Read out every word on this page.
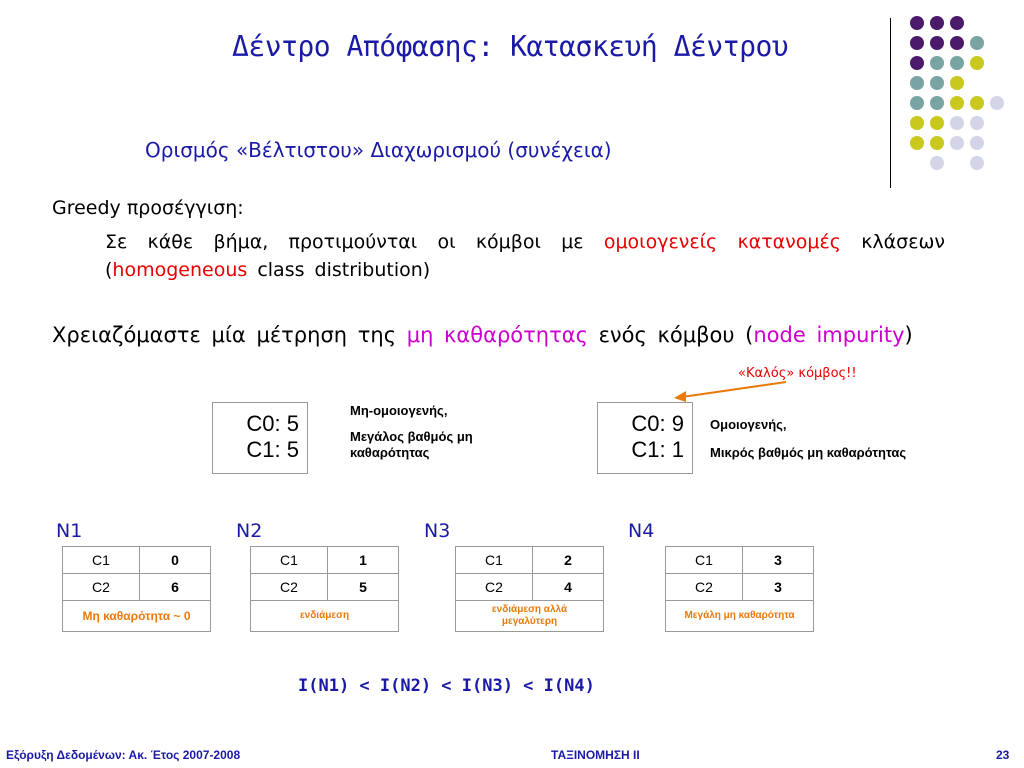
Δέντρο Απόφασης: Κατασκευή Δέντρου
Ορισμός «Βέλτιστου» Διαχωρισμού (συνέχεια)
Greedy προσέγγιση:
Σε κάθε βήμα, προτιμούνται οι κόμβοι με ομοιογενείς κατανομές κλάσεων (homogeneous class distribution)
Χρειαζόμαστε μία μέτρηση της μη καθαρότητας ενός κόμβου (node impurity)
«Καλός» κόμβος!!
C0: 5
C1: 5
Μη-ομοιογενής,
Μεγάλος βαθμός μη
καθαρότητας
C0: 9
C1: 1
Ομοιογενής,
Μικρός βαθμός μη καθαρότητας
N1
C1	0
C2	6
Μη καθαρότητα ~ 0	
N2
C1	1
C2	5
ενδιάμεση	
N3
C1	2
C2	4
ενδιάμεση αλλά μεγαλύτερη	
N4
C1	3
C2	3
Μεγάλη μη καθαρότητα	
I(N1) < I(N2) < I(N3) < I(N4)
Εξόρυξη Δεδομένων: Ακ. Έτος 2007-2008	ΤΑΞΙΝΟΜΗΣΗ ΙΙ	23
